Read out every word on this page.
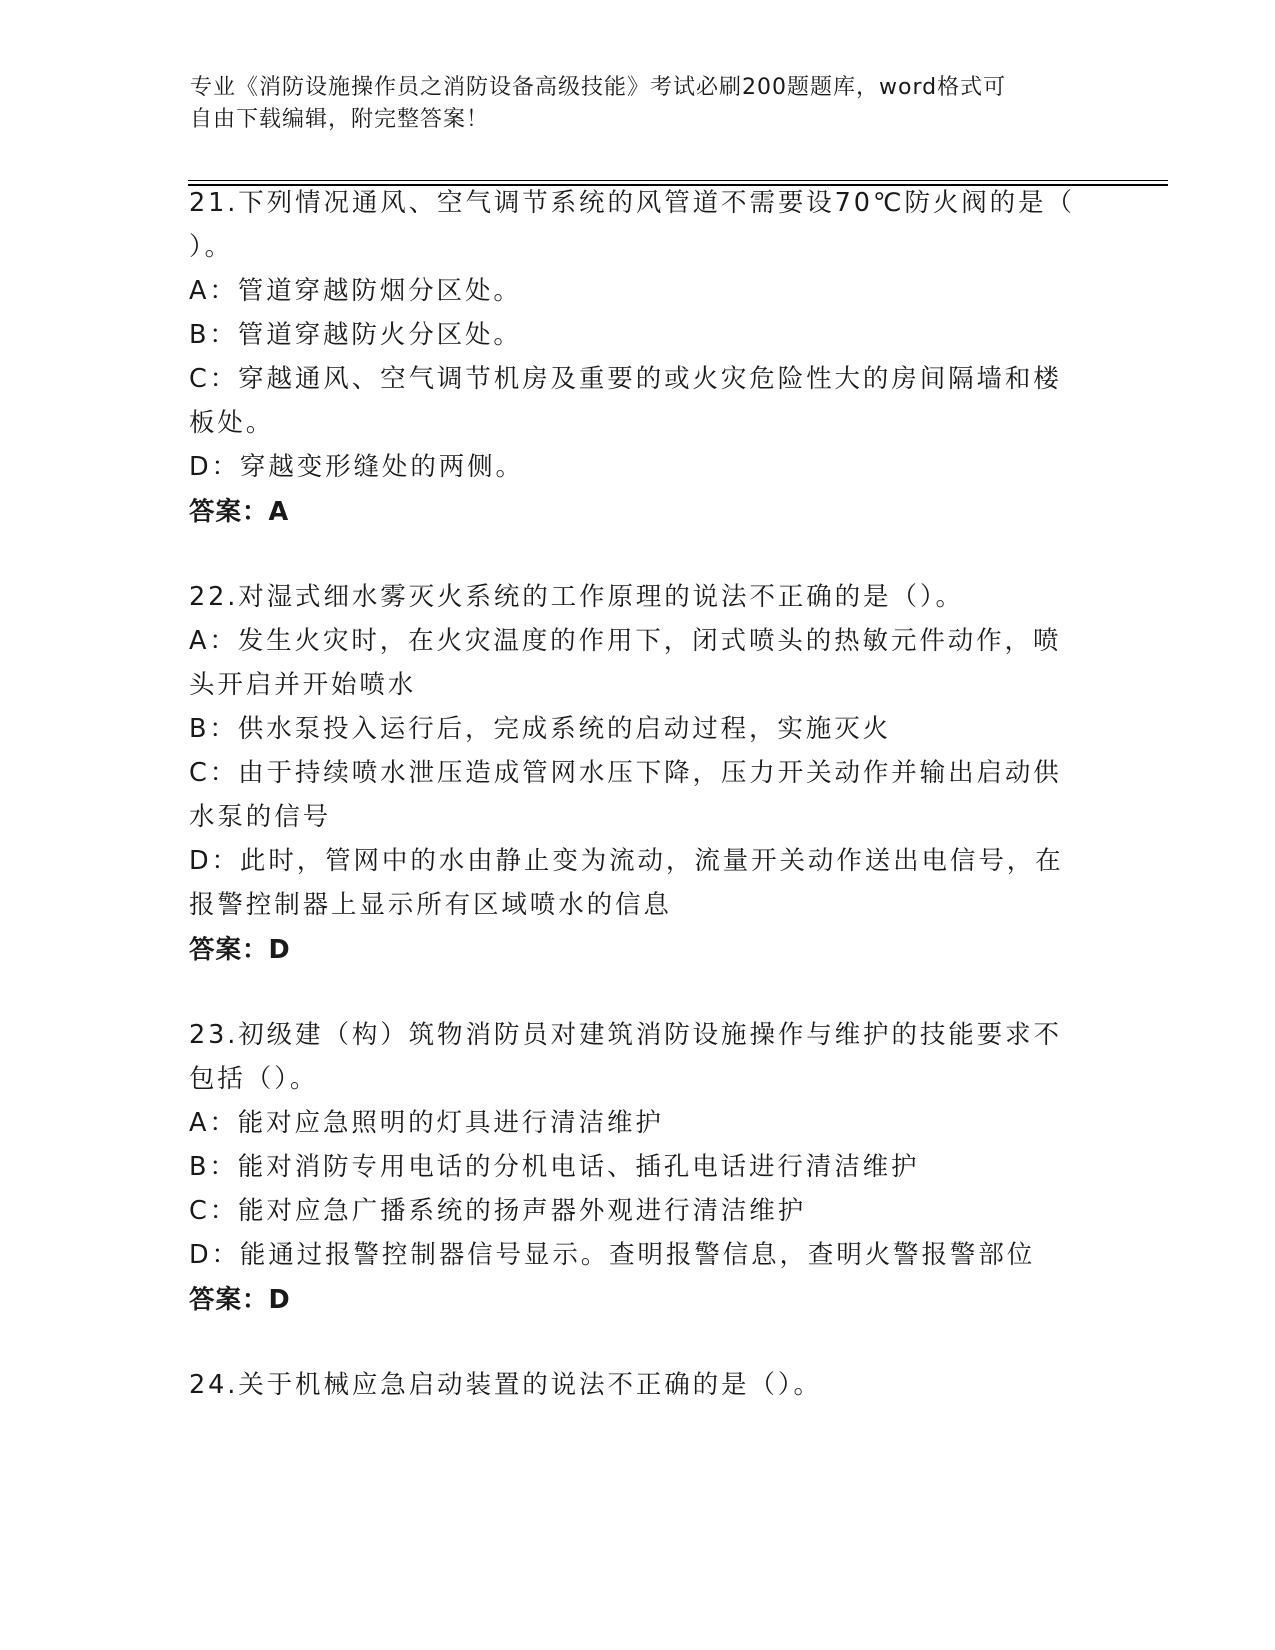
专业《消防设施操作员之消防设备高级技能》考试必刷200题题库，word格式可
自由下载编辑，附完整答案！
21.下列情况通风、空气调节系统的风管道不需要设70℃防火阀的是（
）。
A：管道穿越防烟分区处。
B：管道穿越防火分区处。
C：穿越通风、空气调节机房及重要的或火灾危险性大的房间隔墙和楼
板处。
D：穿越变形缝处的两侧。
答案：A
22.对湿式细水雾灭火系统的工作原理的说法不正确的是（）。
A：发生火灾时，在火灾温度的作用下，闭式喷头的热敏元件动作，喷
头开启并开始喷水
B：供水泵投入运行后，完成系统的启动过程，实施灭火
C：由于持续喷水泄压造成管网水压下降，压力开关动作并输出启动供
水泵的信号
D：此时，管网中的水由静止变为流动，流量开关动作送出电信号，在
报警控制器上显示所有区域喷水的信息
答案：D
23.初级建（构）筑物消防员对建筑消防设施操作与维护的技能要求不
包括（）。
A：能对应急照明的灯具进行清洁维护
B：能对消防专用电话的分机电话、插孔电话进行清洁维护
C：能对应急广播系统的扬声器外观进行清洁维护
D：能通过报警控制器信号显示。查明报警信息，查明火警报警部位
答案：D
24.关于机械应急启动装置的说法不正确的是（）。
